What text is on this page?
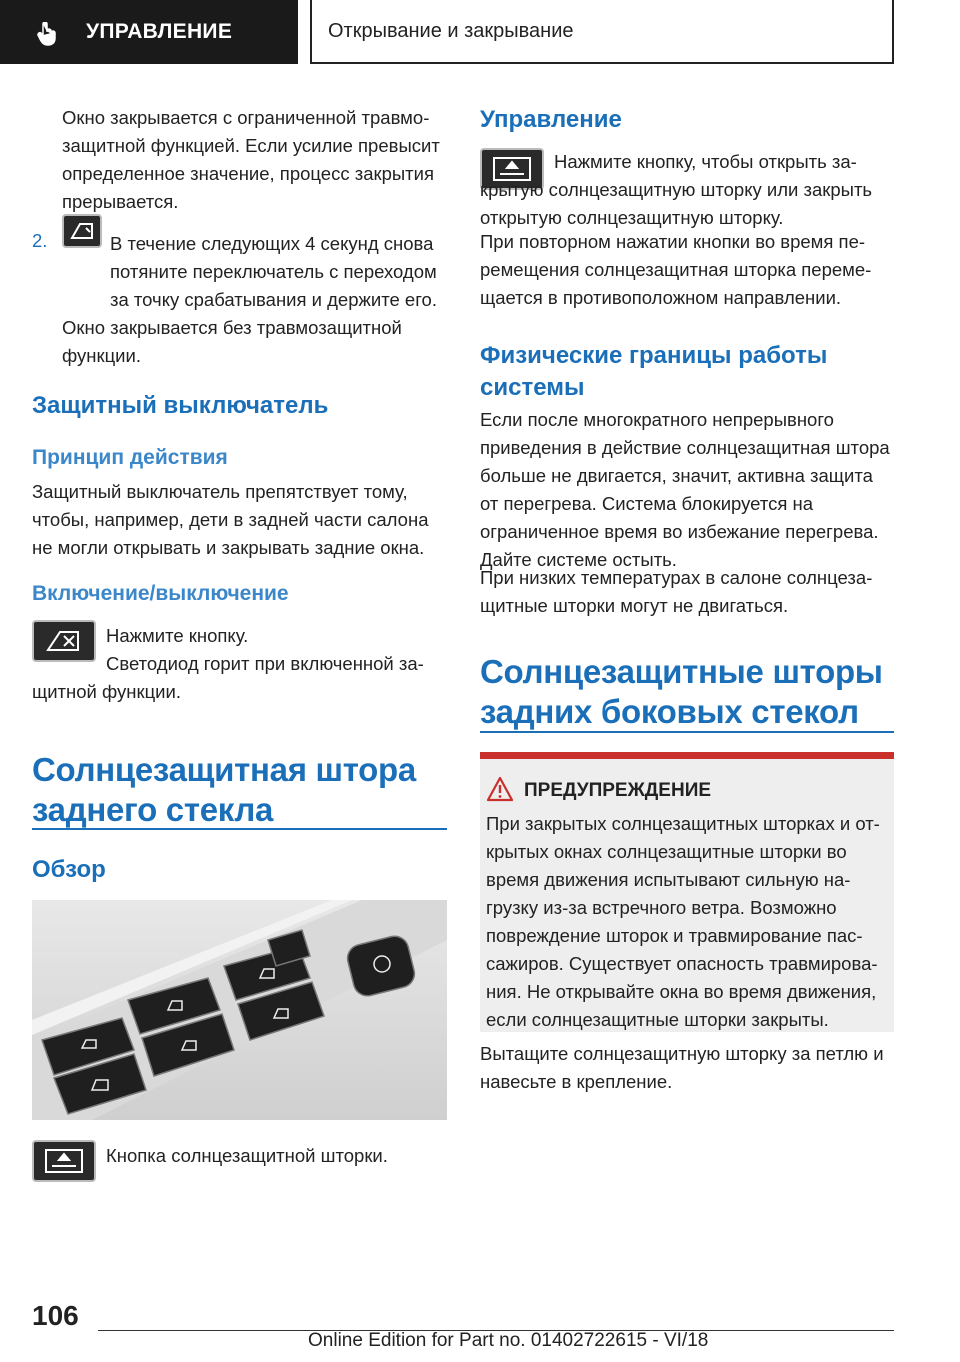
УПРАВЛЕНИЕ	Открывание и закрывание

Окно закрывается с ограниченной травмо-защитной функцией. Если усилие превысит определенное значение, процесс закрытия прерывается.

2.	В течение следующих 4 секунд снова потяните переключатель с переходом за точку срабатывания и держите его.

Окно закрывается без травмозащитной функции.

Защитный выключатель
Принцип действия

Защитный выключатель препятствует тому, чтобы, например, дети в задней части салона не могли открывать и закрывать задние окна.

Включение/выключение

Нажмите кнопку.

Светодиод горит при включенной за-щитной функции.

Солнцезащитная штора заднего стекла
Обзор

Кнопка солнцезащитной шторки.

Управление

Нажмите кнопку, чтобы открыть за-крытую солнцезащитную шторку или закрыть открытую солнцезащитную шторку.

При повторном нажатии кнопки во время пе-ремещения солнцезащитная шторка переме-щается в противоположном направлении.

Физические границы работы системы

Если после многократного непрерывного приведения в действие солнцезащитная штора больше не двигается, значит, активна защита от перегрева. Система блокируется на ограниченное время во избежание перегрева. Дайте системе остыть.

При низких температурах в салоне солнцеза-щитные шторки могут не двигаться.

Солнцезащитные шторы задних боковых стекол
ПРЕДУПРЕЖДЕНИЕ

При закрытых солнцезащитных шторках и от-крытых окнах солнцезащитные шторки во время движения испытывают сильную на-грузку из-за встречного ветра. Возможно повреждение шторок и травмирование пас-сажиров. Существует опасность травмирова-ния. Не открывайте окна во время движения, если солнцезащитные шторки закрыты.

Вытащите солнцезащитную шторку за петлю и навесьте в крепление.

106
Online Edition for Part no. 01402722615 - VI/18
